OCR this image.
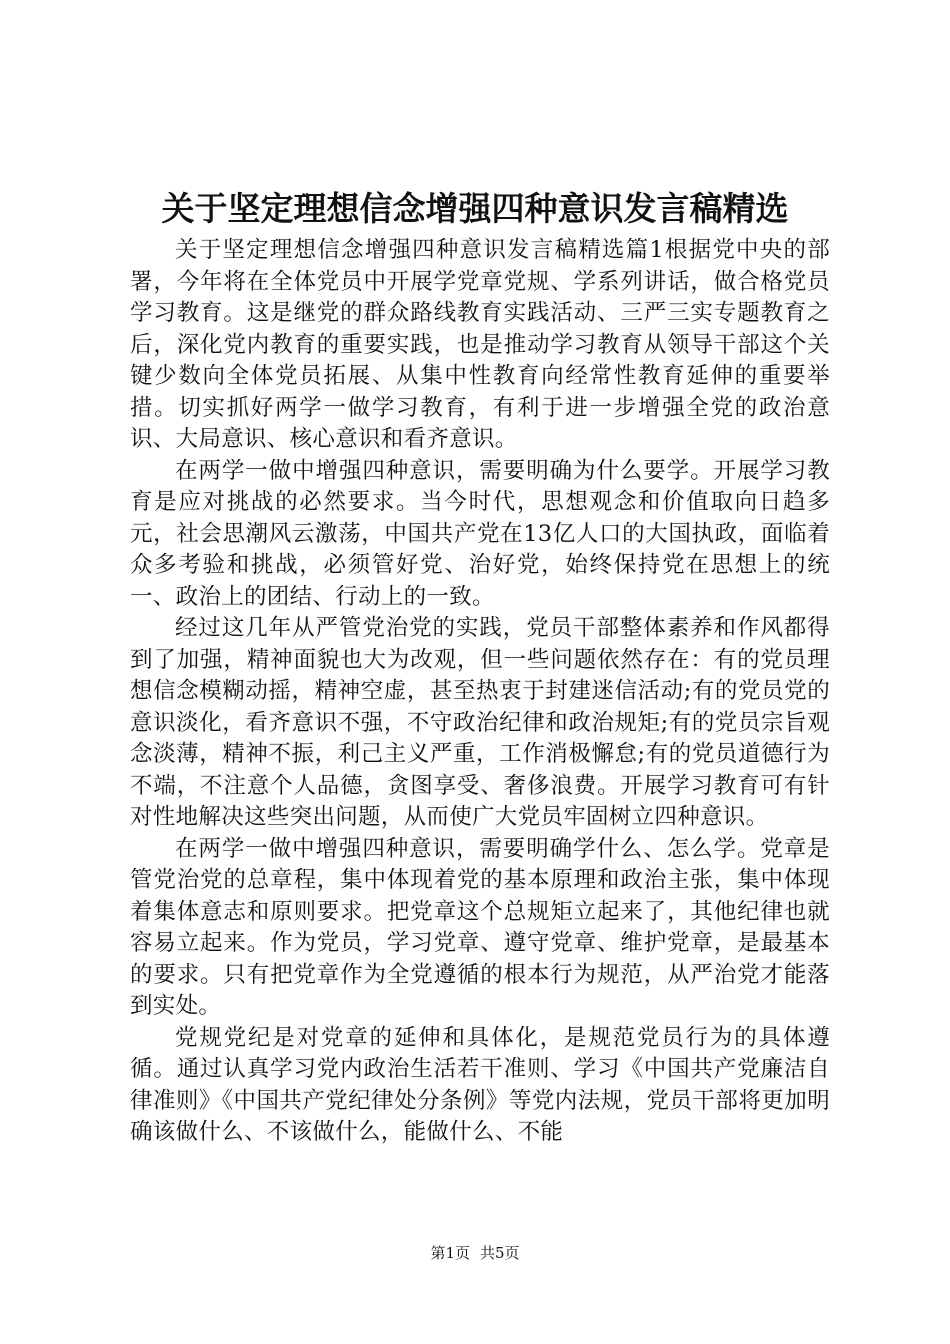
关于坚定理想信念增强四种意识发言稿精选

关于坚定理想信念增强四种意识发言稿精选篇1根据党中央的部署，今年将在全体党员中开展学党章党规、学系列讲话，做合格党员学习教育。这是继党的群众路线教育实践活动、三严三实专题教育之后，深化党内教育的重要实践，也是推动学习教育从领导干部这个关键少数向全体党员拓展、从集中性教育向经常性教育延伸的重要举措。切实抓好两学一做学习教育，有利于进一步增强全党的政治意识、大局意识、核心意识和看齐意识。

在两学一做中增强四种意识，需要明确为什么要学。开展学习教育是应对挑战的必然要求。当今时代，思想观念和价值取向日趋多元，社会思潮风云激荡，中国共产党在13亿人口的大国执政，面临着众多考验和挑战，必须管好党、治好党，始终保持党在思想上的统一、政治上的团结、行动上的一致。

经过这几年从严管党治党的实践，党员干部整体素养和作风都得到了加强，精神面貌也大为改观，但一些问题依然存在：有的党员理想信念模糊动摇，精神空虚，甚至热衷于封建迷信活动;有的党员党的意识淡化，看齐意识不强，不守政治纪律和政治规矩;有的党员宗旨观念淡薄，精神不振，利己主义严重，工作消极懈怠;有的党员道德行为不端，不注意个人品德，贪图享受、奢侈浪费。开展学习教育可有针对性地解决这些突出问题，从而使广大党员牢固树立四种意识。

在两学一做中增强四种意识，需要明确学什么、怎么学。党章是管党治党的总章程，集中体现着党的基本原理和政治主张，集中体现着集体意志和原则要求。把党章这个总规矩立起来了，其他纪律也就容易立起来。作为党员，学习党章、遵守党章、维护党章，是最基本的要求。只有把党章作为全党遵循的根本行为规范，从严治党才能落到实处。

党规党纪是对党章的延伸和具体化，是规范党员行为的具体遵循。通过认真学习党内政治生活若干准则、学习《中国共产党廉洁自律准则》《中国共产党纪律处分条例》等党内法规，党员干部将更加明确该做什么、不该做什么，能做什么、不能

第1页 共5页
